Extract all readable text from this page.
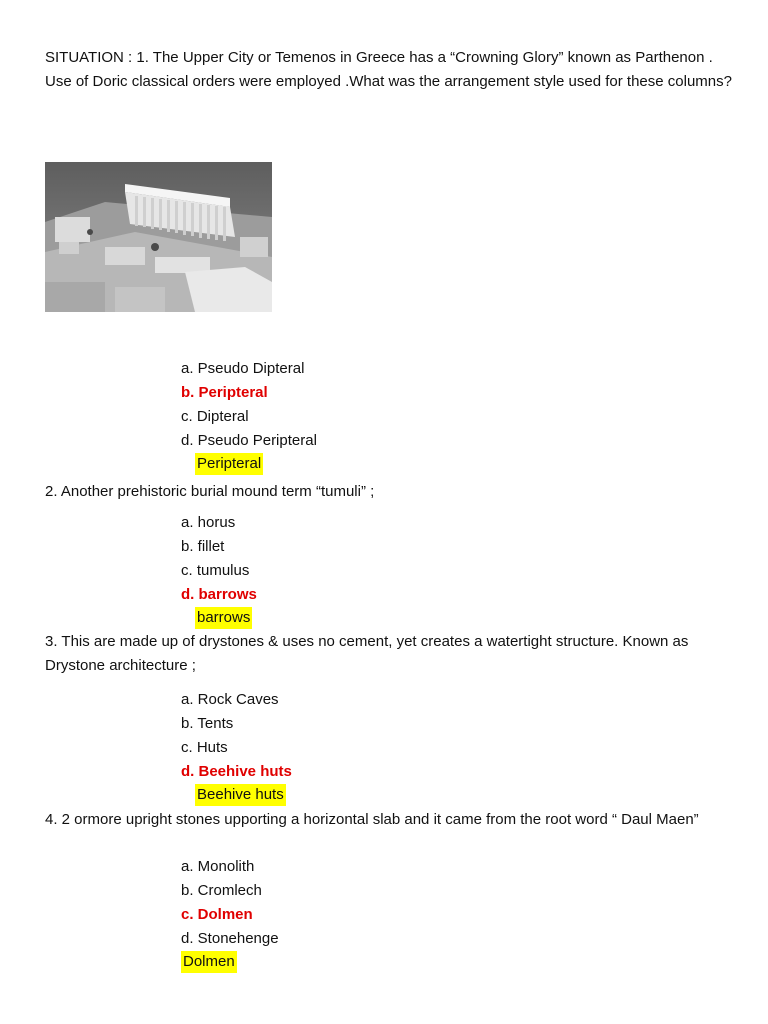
SITUATION : 1. The Upper City or Temenos in Greece has a “Crowning Glory” known as Parthenon . Use of Doric classical orders were employed .What was the arrangement style used for these columns?
a. Pseudo Dipteral
b. Peripteral
c. Dipteral
d. Pseudo Peripteral
Peripteral
2. Another prehistoric burial mound term “tumuli” ;
a. horus
b. fillet
c. tumulus
d. barrows
barrows
3. This are made up of drystones & uses no cement, yet creates a watertight structure. Known as Drystone architecture ;
a. Rock Caves
b. Tents
c. Huts
d. Beehive huts
Beehive huts
4. 2 ormore upright stones upporting a horizontal slab and it came from the root word “ Daul Maen”
a. Monolith
b. Cromlech
c. Dolmen
d. Stonehenge
Dolmen
